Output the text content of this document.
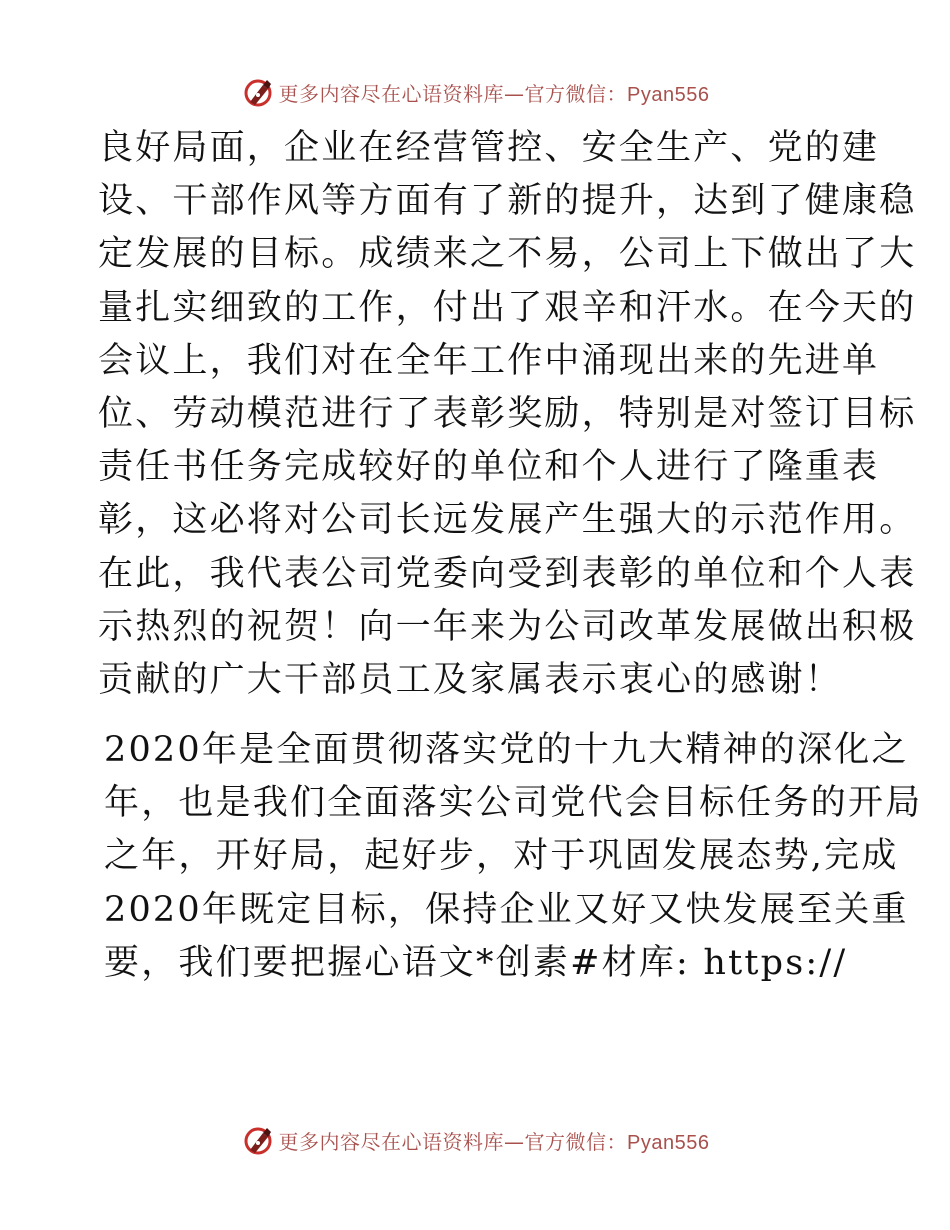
更多内容尽在心语资料库—官方微信：Pyan556

良好局面，企业在经营管控、安全生产、党的建
设、干部作风等方面有了新的提升，达到了健康稳
定发展的目标。成绩来之不易，公司上下做出了大
量扎实细致的工作，付出了艰辛和汗水。在今天的
会议上，我们对在全年工作中涌现出来的先进单
位、劳动模范进行了表彰奖励，特别是对签订目标
责任书任务完成较好的单位和个人进行了隆重表
彰，这必将对公司长远发展产生强大的示范作用。
在此，我代表公司党委向受到表彰的单位和个人表
示热烈的祝贺！向一年来为公司改革发展做出积极
贡献的广大干部员工及家属表示衷心的感谢！

2020年是全面贯彻落实党的十九大精神的深化之
年，也是我们全面落实公司党代会目标任务的开局
之年，开好局，起好步，对于巩固发展态势,完成
2020年既定目标，保持企业又好又快发展至关重
要，我们要把握心语文*创素#材库: https://

更多内容尽在心语资料库—官方微信：Pyan556
